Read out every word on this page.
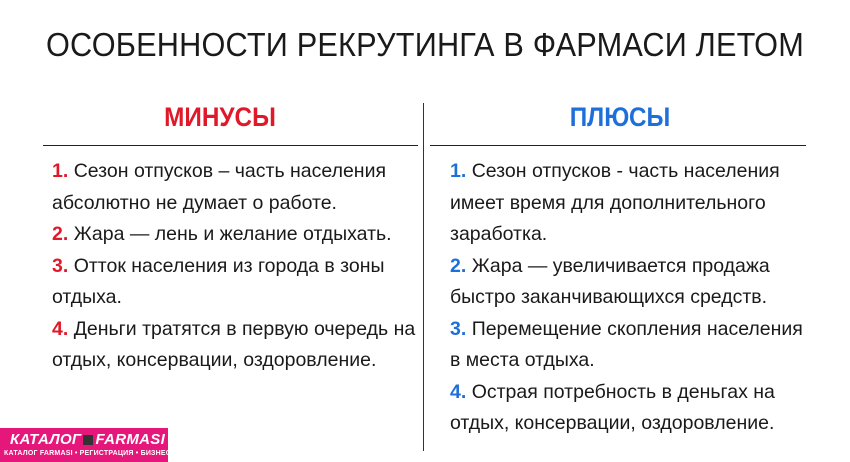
ОСОБЕННОСТИ РЕКРУТИНГА В ФАРМАСИ ЛЕТОМ
МИНУСЫ	ПЛЮСЫ
1. Сезон отпусков – часть населения абсолютно не думает о работе.
2. Жара — лень и желание отдыхать.
3. Отток населения из города в зоны отдыха.
4. Деньги тратятся в первую очередь на отдых, консервации, оздоровление.
1. Сезон отпусков - часть населения имеет время для дополнительного заработка.
2. Жара — увеличивается продажа быстро заканчивающихся средств.
3. Перемещение скопления населения в места отдыха.
4. Острая потребность в деньгах на отдых, консервации, оздоровление.
КАТАЛОГ FARMASI
КАТАЛОГ FARMASI • РЕГИСТРАЦИЯ • БИЗНЕС
